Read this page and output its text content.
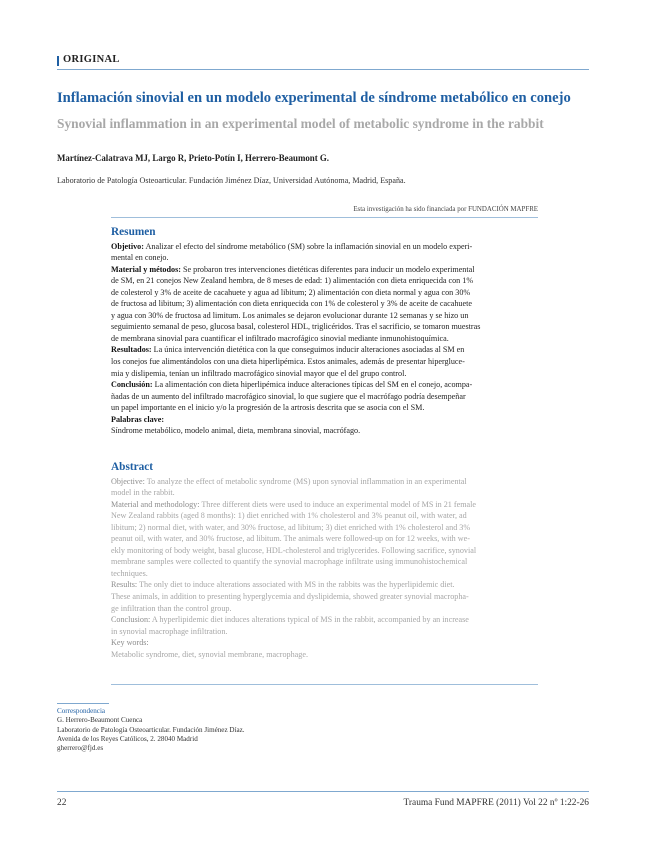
ORIGINAL
Inflamación sinovial en un modelo experimental de síndrome metabólico en conejo
Synovial inflammation in an experimental model of metabolic syndrome in the rabbit
Martínez-Calatrava MJ, Largo R, Prieto-Potín I, Herrero-Beaumont G.
Laboratorio de Patología Osteoarticular. Fundación Jiménez Díaz, Universidad Autónoma, Madrid, España.
Esta investigación ha sido financiada por FUNDACIÓN MAPFRE
Resumen

Objetivo: Analizar el efecto del síndrome metabólico (SM) sobre la inflamación sinovial en un modelo experi-
mental en conejo.

Material y métodos: Se probaron tres intervenciones dietéticas diferentes para inducir un modelo experimental
de SM, en 21 conejos New Zealand hembra, de 8 meses de edad: 1) alimentación con dieta enriquecida con 1%
de colesterol y 3% de aceite de cacahuete y agua ad libitum; 2) alimentación con dieta normal y agua con 30%
de fructosa ad libitum; 3) alimentación con dieta enriquecida con 1% de colesterol y 3% de aceite de cacahuete
y agua con 30% de fructosa ad limitum. Los animales se dejaron evolucionar durante 12 semanas y se hizo un
seguimiento semanal de peso, glucosa basal, colesterol HDL, triglicéridos. Tras el sacrificio, se tomaron muestras
de membrana sinovial para cuantificar el infiltrado macrofágico sinovial mediante inmunohistoquímica.

Resultados: La única intervención dietética con la que conseguimos inducir alteraciones asociadas al SM en
los conejos fue alimentándolos con una dieta hiperlipémica. Estos animales, además de presentar hipergluce-
mia y dislipemia, tenían un infiltrado macrofágico sinovial mayor que el del grupo control.

Conclusión: La alimentación con dieta hiperlipémica induce alteraciones típicas del SM en el conejo, acompa-
ñadas de un aumento del infiltrado macrofágico sinovial, lo que sugiere que el macrófago podría desempeñar
un papel importante en el inicio y/o la progresión de la artrosis descrita que se asocia con el SM.

Palabras clave:
Síndrome metabólico, modelo animal, dieta, membrana sinovial, macrófago.

Abstract

Objective: To analyze the effect of metabolic syndrome (MS) upon synovial inflammation in an experimental
model in the rabbit.

Material and methodology: Three different diets were used to induce an experimental model of MS in 21 female
New Zealand rabbits (aged 8 months): 1) diet enriched with 1% cholesterol and 3% peanut oil, with water, ad
libitum; 2) normal diet, with water, and 30% fructose, ad libitum; 3) diet enriched with 1% cholesterol and 3%
peanut oil, with water, and 30% fructose, ad libitum. The animals were followed-up on for 12 weeks, with we-
ekly monitoring of body weight, basal glucose, HDL-cholesterol and triglycerides. Following sacrifice, synovial
membrane samples were collected to quantify the synovial macrophage infiltrate using immunohistochemical
techniques.

Results: The only diet to induce alterations associated with MS in the rabbits was the hyperlipidemic diet.
These animals, in addition to presenting hyperglycemia and dyslipidemia, showed greater synovial macropha-
ge infiltration than the control group.

Conclusion: A hyperlipidemic diet induces alterations typical of MS in the rabbit, accompanied by an increase
in synovial macrophage infiltration.

Key words:
Metabolic syndrome, diet, synovial membrane, macrophage.

Correspondencia
G. Herrero-Beaumont Cuenca
Laboratorio de Patología Osteoarticular. Fundación Jiménez Díaz.
Avenida de los Reyes Católicos, 2. 28040 Madrid
gherrero@fjd.es
22	Trauma Fund MAPFRE (2011) Vol 22 nº 1:22-26
